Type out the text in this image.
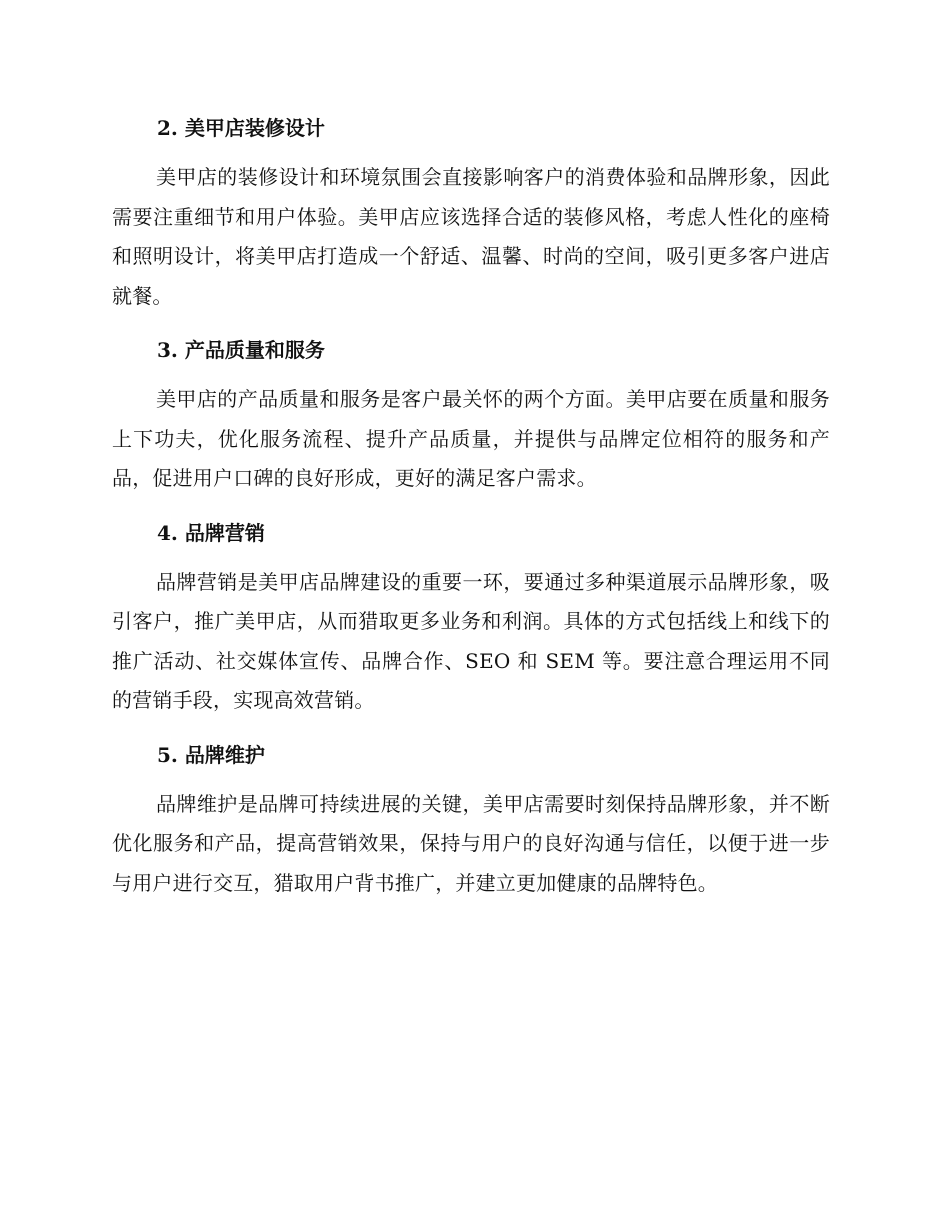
2. 美甲店装修设计

美甲店的装修设计和环境氛围会直接影响客户的消费体验和品牌形象，因此需要注重细节和用户体验。美甲店应该选择合适的装修风格，考虑人性化的座椅和照明设计，将美甲店打造成一个舒适、温馨、时尚的空间，吸引更多客户进店就餐。

3. 产品质量和服务

美甲店的产品质量和服务是客户最关怀的两个方面。美甲店要在质量和服务上下功夫，优化服务流程、提升产品质量，并提供与品牌定位相符的服务和产品，促进用户口碑的良好形成，更好的满足客户需求。

4. 品牌营销

品牌营销是美甲店品牌建设的重要一环，要通过多种渠道展示品牌形象，吸引客户，推广美甲店，从而猎取更多业务和利润。具体的方式包括线上和线下的推广活动、社交媒体宣传、品牌合作、SEO 和 SEM 等。要注意合理运用不同的营销手段，实现高效营销。

5. 品牌维护

品牌维护是品牌可持续进展的关键，美甲店需要时刻保持品牌形象，并不断优化服务和产品，提高营销效果，保持与用户的良好沟通与信任，以便于进一步与用户进行交互，猎取用户背书推广，并建立更加健康的品牌特色。
